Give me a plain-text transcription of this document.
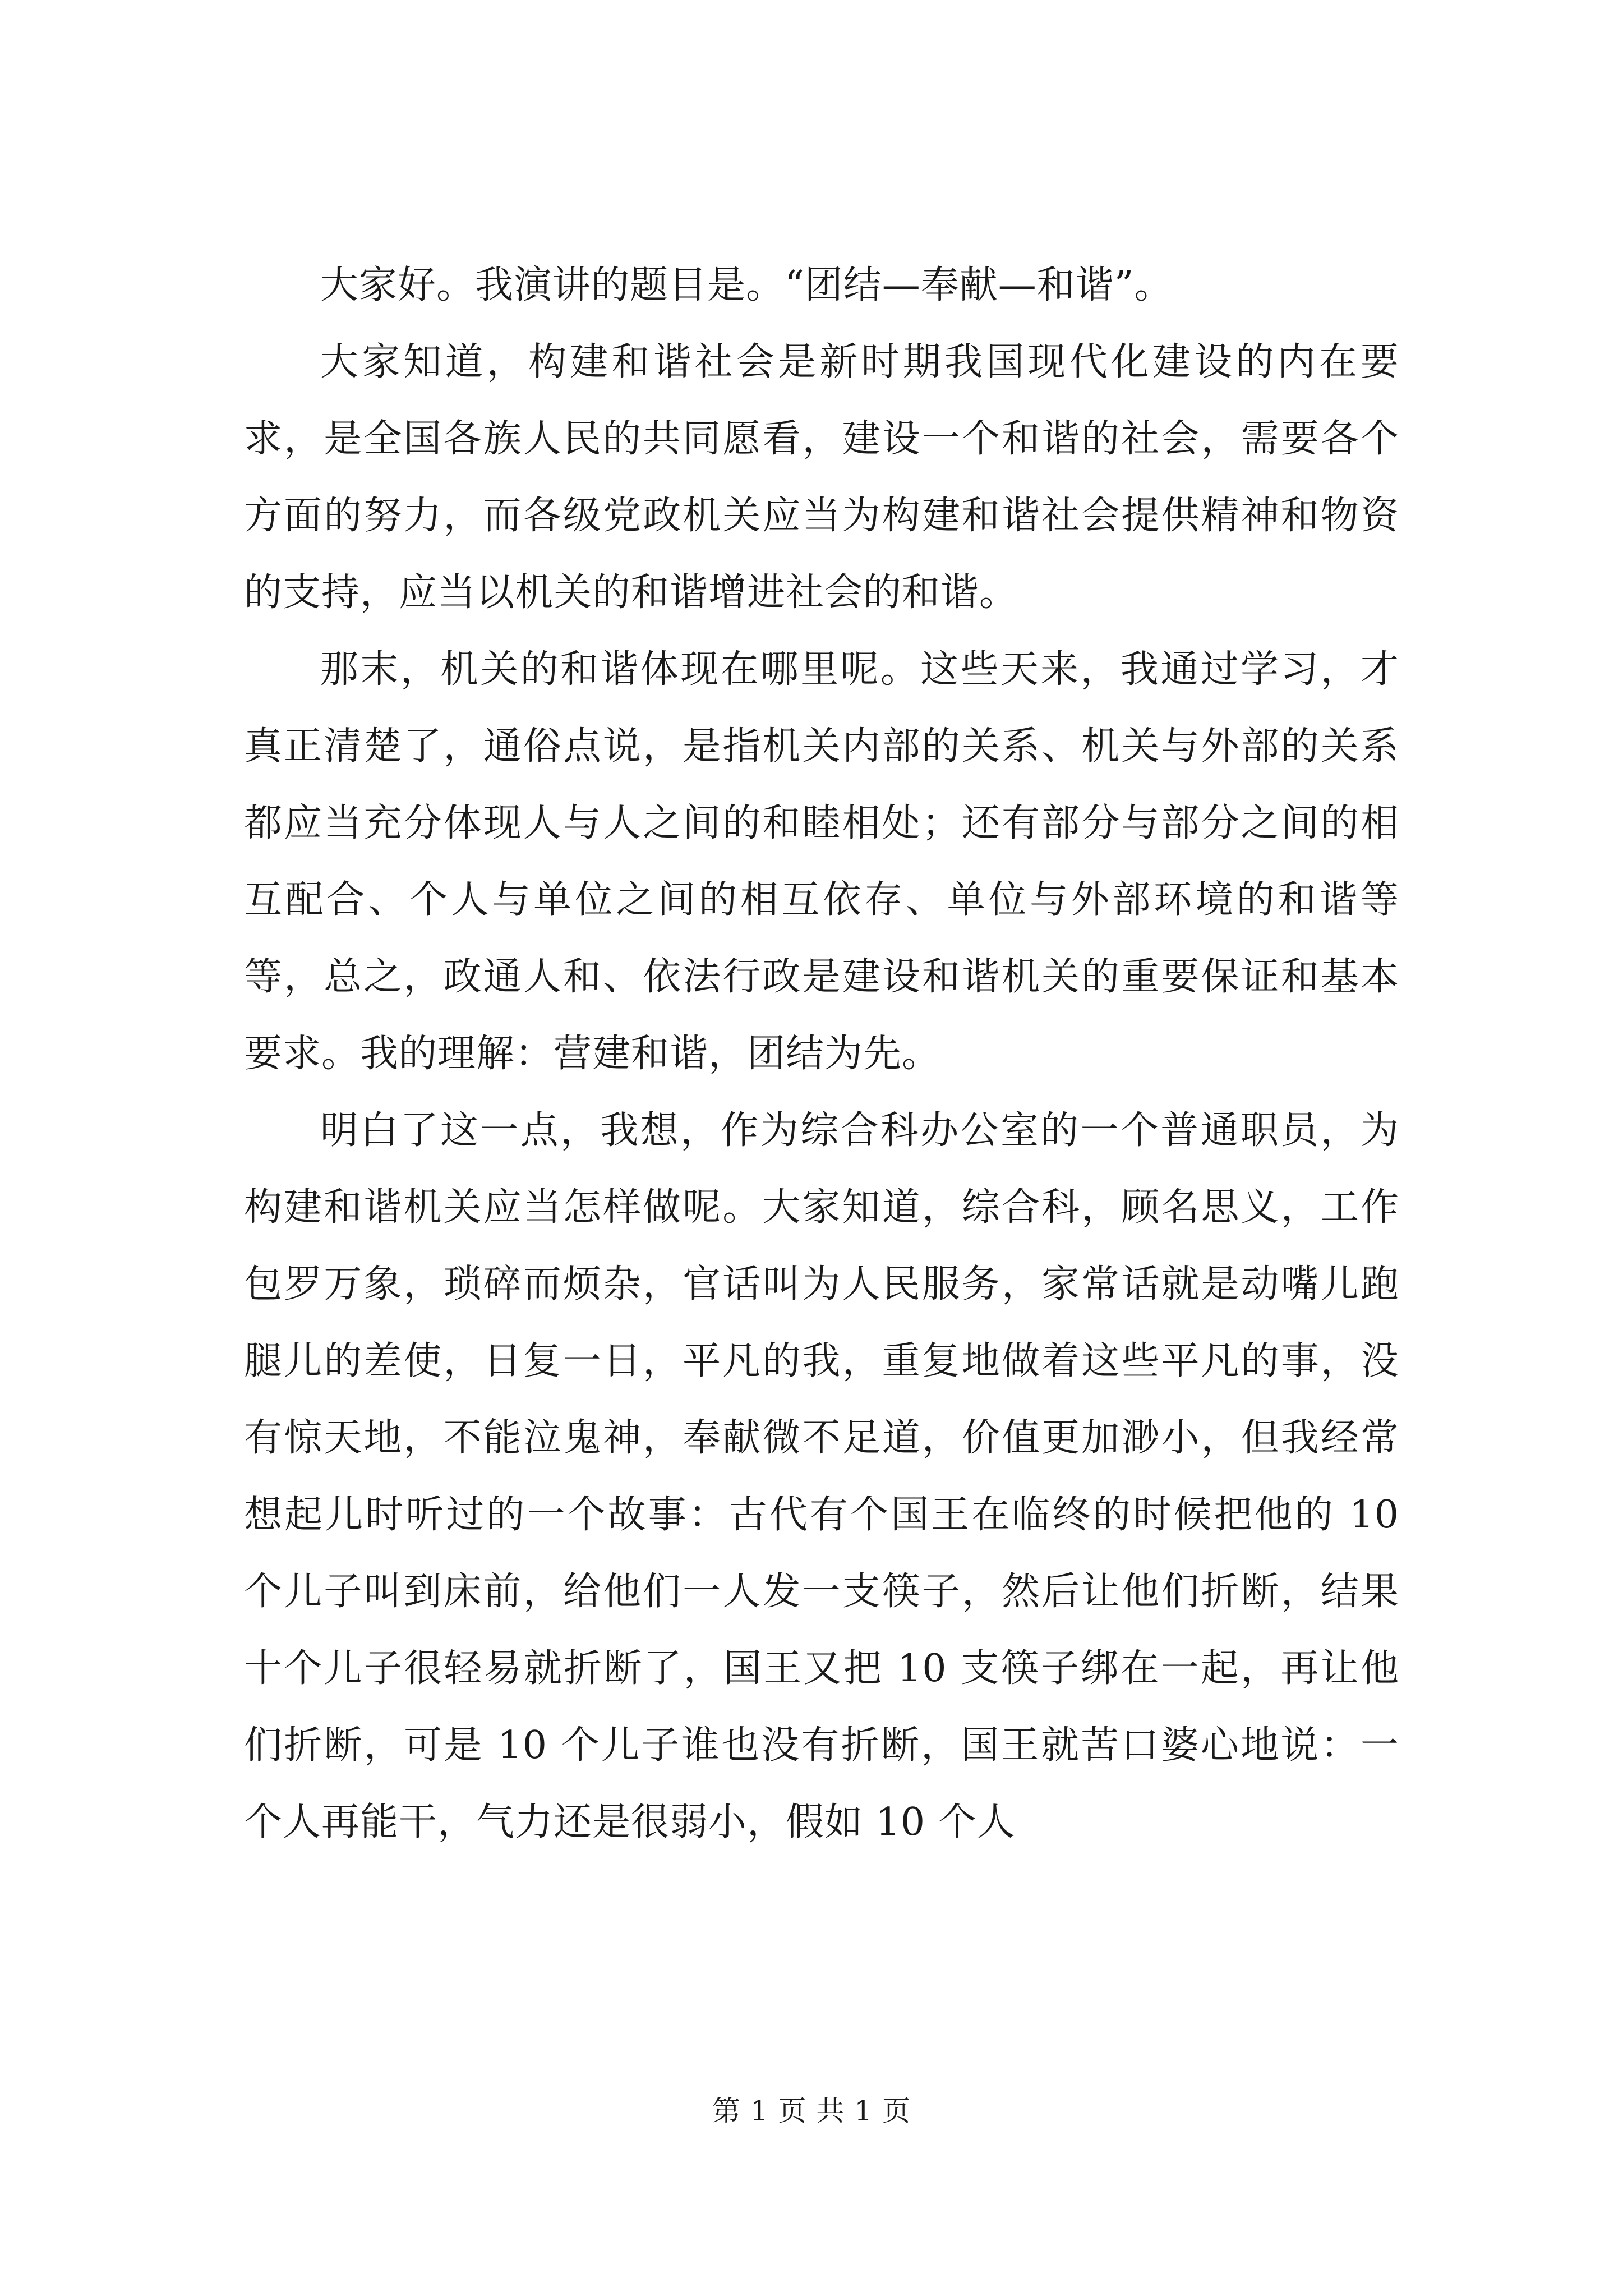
大家好。我演讲的题目是。“团结—奉献—和谐”。

大家知道，构建和谐社会是新时期我国现代化建设的内在要求，是全国各族人民的共同愿看，建设一个和谐的社会，需要各个方面的努力，而各级党政机关应当为构建和谐社会提供精神和物资的支持，应当以机关的和谐增进社会的和谐。

那末，机关的和谐体现在哪里呢。这些天来，我通过学习，才真正清楚了，通俗点说，是指机关内部的关系、机关与外部的关系都应当充分体现人与人之间的和睦相处；还有部分与部分之间的相互配合、个人与单位之间的相互依存、单位与外部环境的和谐等等，总之，政通人和、依法行政是建设和谐机关的重要保证和基本要求。我的理解：营建和谐，团结为先。

明白了这一点，我想，作为综合科办公室的一个普通职员，为构建和谐机关应当怎样做呢。大家知道，综合科，顾名思义，工作包罗万象，琐碎而烦杂，官话叫为人民服务，家常话就是动嘴儿跑腿儿的差使，日复一日，平凡的我，重复地做着这些平凡的事，没有惊天地，不能泣鬼神，奉献微不足道，价值更加渺小，但我经常想起儿时听过的一个故事：古代有个国王在临终的时候把他的 10 个儿子叫到床前，给他们一人发一支筷子，然后让他们折断，结果十个儿子很轻易就折断了，国王又把 10 支筷子绑在一起，再让他们折断，可是 10 个儿子谁也没有折断，国王就苦口婆心地说：一个人再能干，气力还是很弱小，假如 10 个人

第 1 页 共 1 页
